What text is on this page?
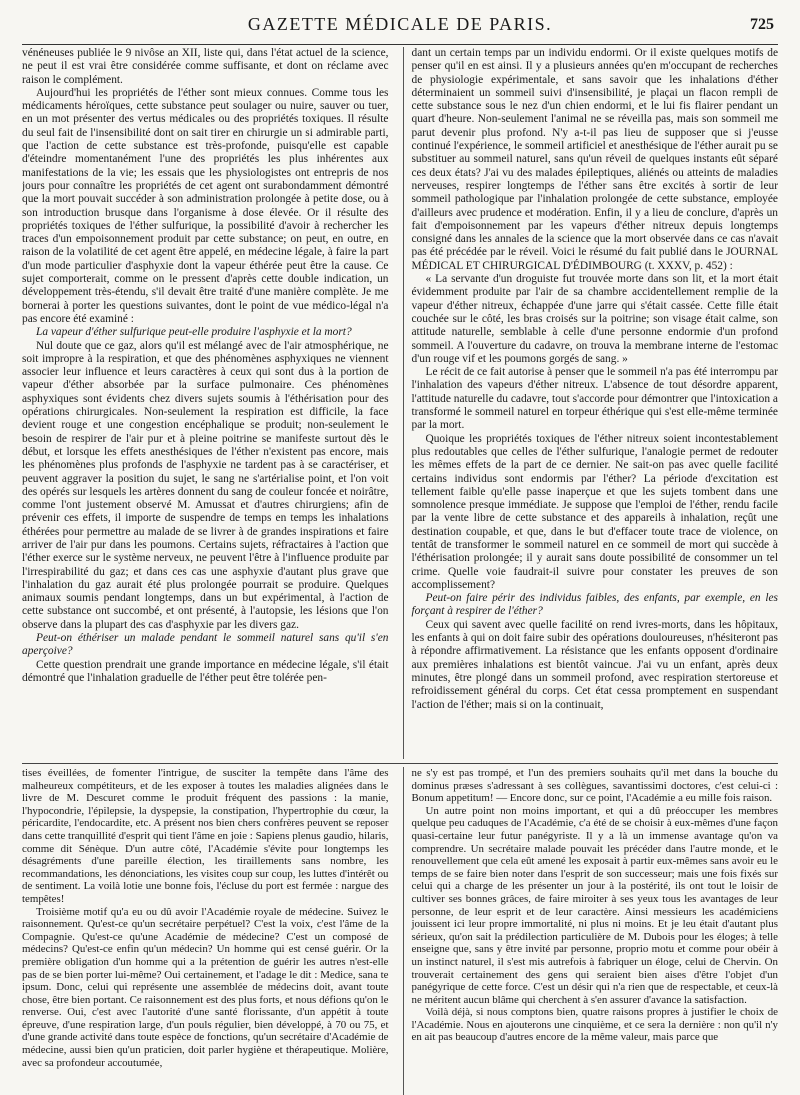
GAZETTE MÉDICALE DE PARIS.	725

vénéneuses publiée le 9 nivôse an XII, liste qui, dans l'état actuel de la science, ne peut il est vrai être considérée comme suffisante, et dont on réclame avec raison le complément.

Aujourd'hui les propriétés de l'éther sont mieux connues. Comme tous les médicaments héroïques, cette substance peut soulager ou nuire, sauver ou tuer, en un mot présenter des vertus médicales ou des propriétés toxiques. Il résulte du seul fait de l'insensibilité dont on sait tirer en chirurgie un si admirable parti, que l'action de cette substance est très-profonde, puisqu'elle est capable d'éteindre momentanément l'une des propriétés les plus inhérentes aux manifestations de la vie; les essais que les physiologistes ont entrepris de nos jours pour connaître les propriétés de cet agent ont surabondamment démontré que la mort pouvait succéder à son administration prolongée à petite dose, ou à son introduction brusque dans l'organisme à dose élevée. Or il résulte des propriétés toxiques de l'éther sulfurique, la possibilité d'avoir à rechercher les traces d'un empoisonnement produit par cette substance; on peut, en outre, en raison de la volatilité de cet agent être appelé, en médecine légale, à faire la part d'un mode particulier d'asphyxie dont la vapeur éthérée peut être la cause. Ce sujet comporterait, comme on le pressent d'après cette double indication, un développement très-étendu, s'il devait être traité d'une manière complète. Je me bornerai à porter les questions suivantes, dont le point de vue médico-légal n'a pas encore été examiné :

La vapeur d'éther sulfurique peut-elle produire l'asphyxie et la mort?

Nul doute que ce gaz, alors qu'il est mélangé avec de l'air atmosphérique, ne soit impropre à la respiration, et que des phénomènes asphyxiques ne viennent associer leur influence et leurs caractères à ceux qui sont dus à la portion de vapeur d'éther absorbée par la surface pulmonaire. Ces phénomènes asphyxiques sont évidents chez divers sujets soumis à l'éthérisation pour des opérations chirurgicales. Non-seulement la respiration est difficile, la face devient rouge et une congestion encéphalique se produit; non-seulement le besoin de respirer de l'air pur et à pleine poitrine se manifeste surtout dès le début, et lorsque les effets anesthésiques de l'éther n'existent pas encore, mais les phénomènes plus profonds de l'asphyxie ne tardent pas à se caractériser, et peuvent aggraver la position du sujet, le sang ne s'artérialise point, et l'on voit des opérés sur lesquels les artères donnent du sang de couleur foncée et noirâtre, comme l'ont justement observé M. Amussat et d'autres chirurgiens; afin de prévenir ces effets, il importe de suspendre de temps en temps les inhalations éthérées pour permettre au malade de se livrer à de grandes inspirations et faire arriver de l'air pur dans les poumons. Certains sujets, réfractaires à l'action que l'éther exerce sur le système nerveux, ne peuvent l'être à l'influence produite par l'irrespirabilité du gaz; et dans ces cas une asphyxie d'autant plus grave que l'inhalation du gaz aurait été plus prolongée pourrait se produire. Quelques animaux soumis pendant longtemps, dans un but expérimental, à l'action de cette substance ont succombé, et ont présenté, à l'autopsie, les lésions que l'on observe dans la plupart des cas d'asphyxie par les divers gaz.

Peut-on éthériser un malade pendant le sommeil naturel sans qu'il s'en aperçoive?

Cette question prendrait une grande importance en médecine légale, s'il était démontré que l'inhalation graduelle de l'éther peut être tolérée pen-

dant un certain temps par un individu endormi. Or il existe quelques motifs de penser qu'il en est ainsi. Il y a plusieurs années qu'en m'occupant de recherches de physiologie expérimentale, et sans savoir que les inhalations d'éther déterminaient un sommeil suivi d'insensibilité, je plaçai un flacon rempli de cette substance sous le nez d'un chien endormi, et le lui fis flairer pendant un quart d'heure. Non-seulement l'animal ne se réveilla pas, mais son sommeil me parut devenir plus profond. N'y a-t-il pas lieu de supposer que si j'eusse continué l'expérience, le sommeil artificiel et anesthésique de l'éther aurait pu se substituer au sommeil naturel, sans qu'un réveil de quelques instants eût séparé ces deux états? J'ai vu des malades épileptiques, aliénés ou atteints de maladies nerveuses, respirer longtemps de l'éther sans être excités à sortir de leur sommeil pathologique par l'inhalation prolongée de cette substance, employée d'ailleurs avec prudence et modération. Enfin, il y a lieu de conclure, d'après un fait d'empoisonnement par les vapeurs d'éther nitreux depuis longtemps consigné dans les annales de la science que la mort observée dans ce cas n'avait pas été précédée par le réveil. Voici le résumé du fait publié dans le JOURNAL MÉDICAL ET CHIRURGICAL D'ÉDIMBOURG (t. XXXV, p. 452) :

« La servante d'un droguiste fut trouvée morte dans son lit, et la mort était évidemment produite par l'air de sa chambre accidentellement remplie de la vapeur d'éther nitreux, échappée d'une jarre qui s'était cassée. Cette fille était couchée sur le côté, les bras croisés sur la poitrine; son visage était calme, son attitude naturelle, semblable à celle d'une personne endormie d'un profond sommeil. A l'ouverture du cadavre, on trouva la membrane interne de l'estomac d'un rouge vif et les poumons gorgés de sang. »

Le récit de ce fait autorise à penser que le sommeil n'a pas été interrompu par l'inhalation des vapeurs d'éther nitreux. L'absence de tout désordre apparent, l'attitude naturelle du cadavre, tout s'accorde pour démontrer que l'intoxication a transformé le sommeil naturel en torpeur éthérique qui s'est elle-même terminée par la mort.

Quoique les propriétés toxiques de l'éther nitreux soient incontestablement plus redoutables que celles de l'éther sulfurique, l'analogie permet de redouter les mêmes effets de la part de ce dernier. Ne sait-on pas avec quelle facilité certains individus sont endormis par l'éther? La période d'excitation est tellement faible qu'elle passe inaperçue et que les sujets tombent dans une somnolence presque immédiate. Je suppose que l'emploi de l'éther, rendu facile par la vente libre de cette substance et des appareils à inhalation, reçût une destination coupable, et que, dans le but d'effacer toute trace de violence, on tentât de transformer le sommeil naturel en ce sommeil de mort qui succède à l'éthérisation prolongée; il y aurait sans doute possibilité de consommer un tel crime. Quelle voie faudrait-il suivre pour constater les preuves de son accomplissement?

Peut-on faire périr des individus faibles, des enfants, par exemple, en les forçant à respirer de l'éther?

Ceux qui savent avec quelle facilité on rend ivres-morts, dans les hôpitaux, les enfants à qui on doit faire subir des opérations douloureuses, n'hésiteront pas à répondre affirmativement. La résistance que les enfants opposent d'ordinaire aux premières inhalations est bientôt vaincue. J'ai vu un enfant, après deux minutes, être plongé dans un sommeil profond, avec respiration stertoreuse et refroidissement général du corps. Cet état cessa promptement en suspendant l'action de l'éther; mais si on la continuait,

tises éveillées, de fomenter l'intrigue, de susciter la tempête dans l'âme des malheureux compétiteurs, et de les exposer à toutes les maladies alignées dans le livre de M. Descuret comme le produit fréquent des passions : la manie, l'hypocondrie, l'épilepsie, la dyspepsie, la constipation, l'hypertrophie du cœur, la péricardite, l'endocardite, etc. A présent nos bien chers confrères peuvent se reposer dans cette tranquillité d'esprit qui tient l'âme en joie : Sapiens plenus gaudio, hilaris, comme dit Sénèque. D'un autre côté, l'Académie s'évite pour longtemps les désagréments d'une pareille élection, les tiraillements sans nombre, les recommandations, les dénonciations, les visites coup sur coup, les luttes d'intérêt ou de sentiment. La voilà lotie une bonne fois, l'écluse du port est fermée : nargue des tempêtes!

Troisième motif qu'a eu ou dû avoir l'Académie royale de médecine. Suivez le raisonnement. Qu'est-ce qu'un secrétaire perpétuel? C'est la voix, c'est l'âme de la Compagnie. Qu'est-ce qu'une Académie de médecine? C'est un composé de médecins? Qu'est-ce enfin qu'un médecin? Un homme qui est censé guérir. Or la première obligation d'un homme qui a la prétention de guérir les autres n'est-elle pas de se bien porter lui-même? Oui certainement, et l'adage le dit : Medice, sana te ipsum. Donc, celui qui représente une assemblée de médecins doit, avant toute chose, être bien portant. Ce raisonnement est des plus forts, et nous défions qu'on le renverse. Oui, c'est avec l'autorité d'une santé florissante, d'un appétit à toute épreuve, d'une respiration large, d'un pouls régulier, bien développé, à 70 ou 75, et d'une grande activité dans toute espèce de fonctions, qu'un secrétaire d'Académie de médecine, aussi bien qu'un praticien, doit parler hygiène et thérapeutique. Molière, avec sa profondeur accoutumée,

ne s'y est pas trompé, et l'un des premiers souhaits qu'il met dans la bouche du dominus præses s'adressant à ses collègues, savantissimi doctores, c'est celui-ci : Bonum appetitum! — Encore donc, sur ce point, l'Académie a eu mille fois raison.

Un autre point non moins important, et qui a dû préoccuper les membres quelque peu caduques de l'Académie, c'a été de se choisir à eux-mêmes d'une façon quasi-certaine leur futur panégyriste. Il y a là un immense avantage qu'on va comprendre. Un secrétaire malade pouvait les précéder dans l'autre monde, et le renouvellement que cela eût amené les exposait à partir eux-mêmes sans avoir eu le temps de se faire bien noter dans l'esprit de son successeur; mais une fois fixés sur celui qui a charge de les présenter un jour à la postérité, ils ont tout le loisir de cultiver ses bonnes grâces, de faire miroiter à ses yeux tous les avantages de leur personne, de leur esprit et de leur caractère. Ainsi messieurs les académiciens jouissent ici leur propre immortalité, ni plus ni moins. Et je leu était d'autant plus sérieux, qu'on sait la prédilection particulière de M. Dubois pour les éloges; à telle enseigne que, sans y être invité par personne, proprio motu et comme pour obéir à un instinct naturel, il s'est mis autrefois à fabriquer un éloge, celui de Chervin. On trouverait certainement des gens qui seraient bien aises d'être l'objet d'un panégyrique de cette force. C'est un désir qui n'a rien que de respectable, et ceux-là ne méritent aucun blâme qui cherchent à s'en assurer d'avance la satisfaction.

Voilà déjà, si nous comptons bien, quatre raisons propres à justifier le choix de l'Académie. Nous en ajouterons une cinquième, et ce sera la dernière : non qu'il n'y en ait pas beaucoup d'autres encore de la même valeur, mais parce que
